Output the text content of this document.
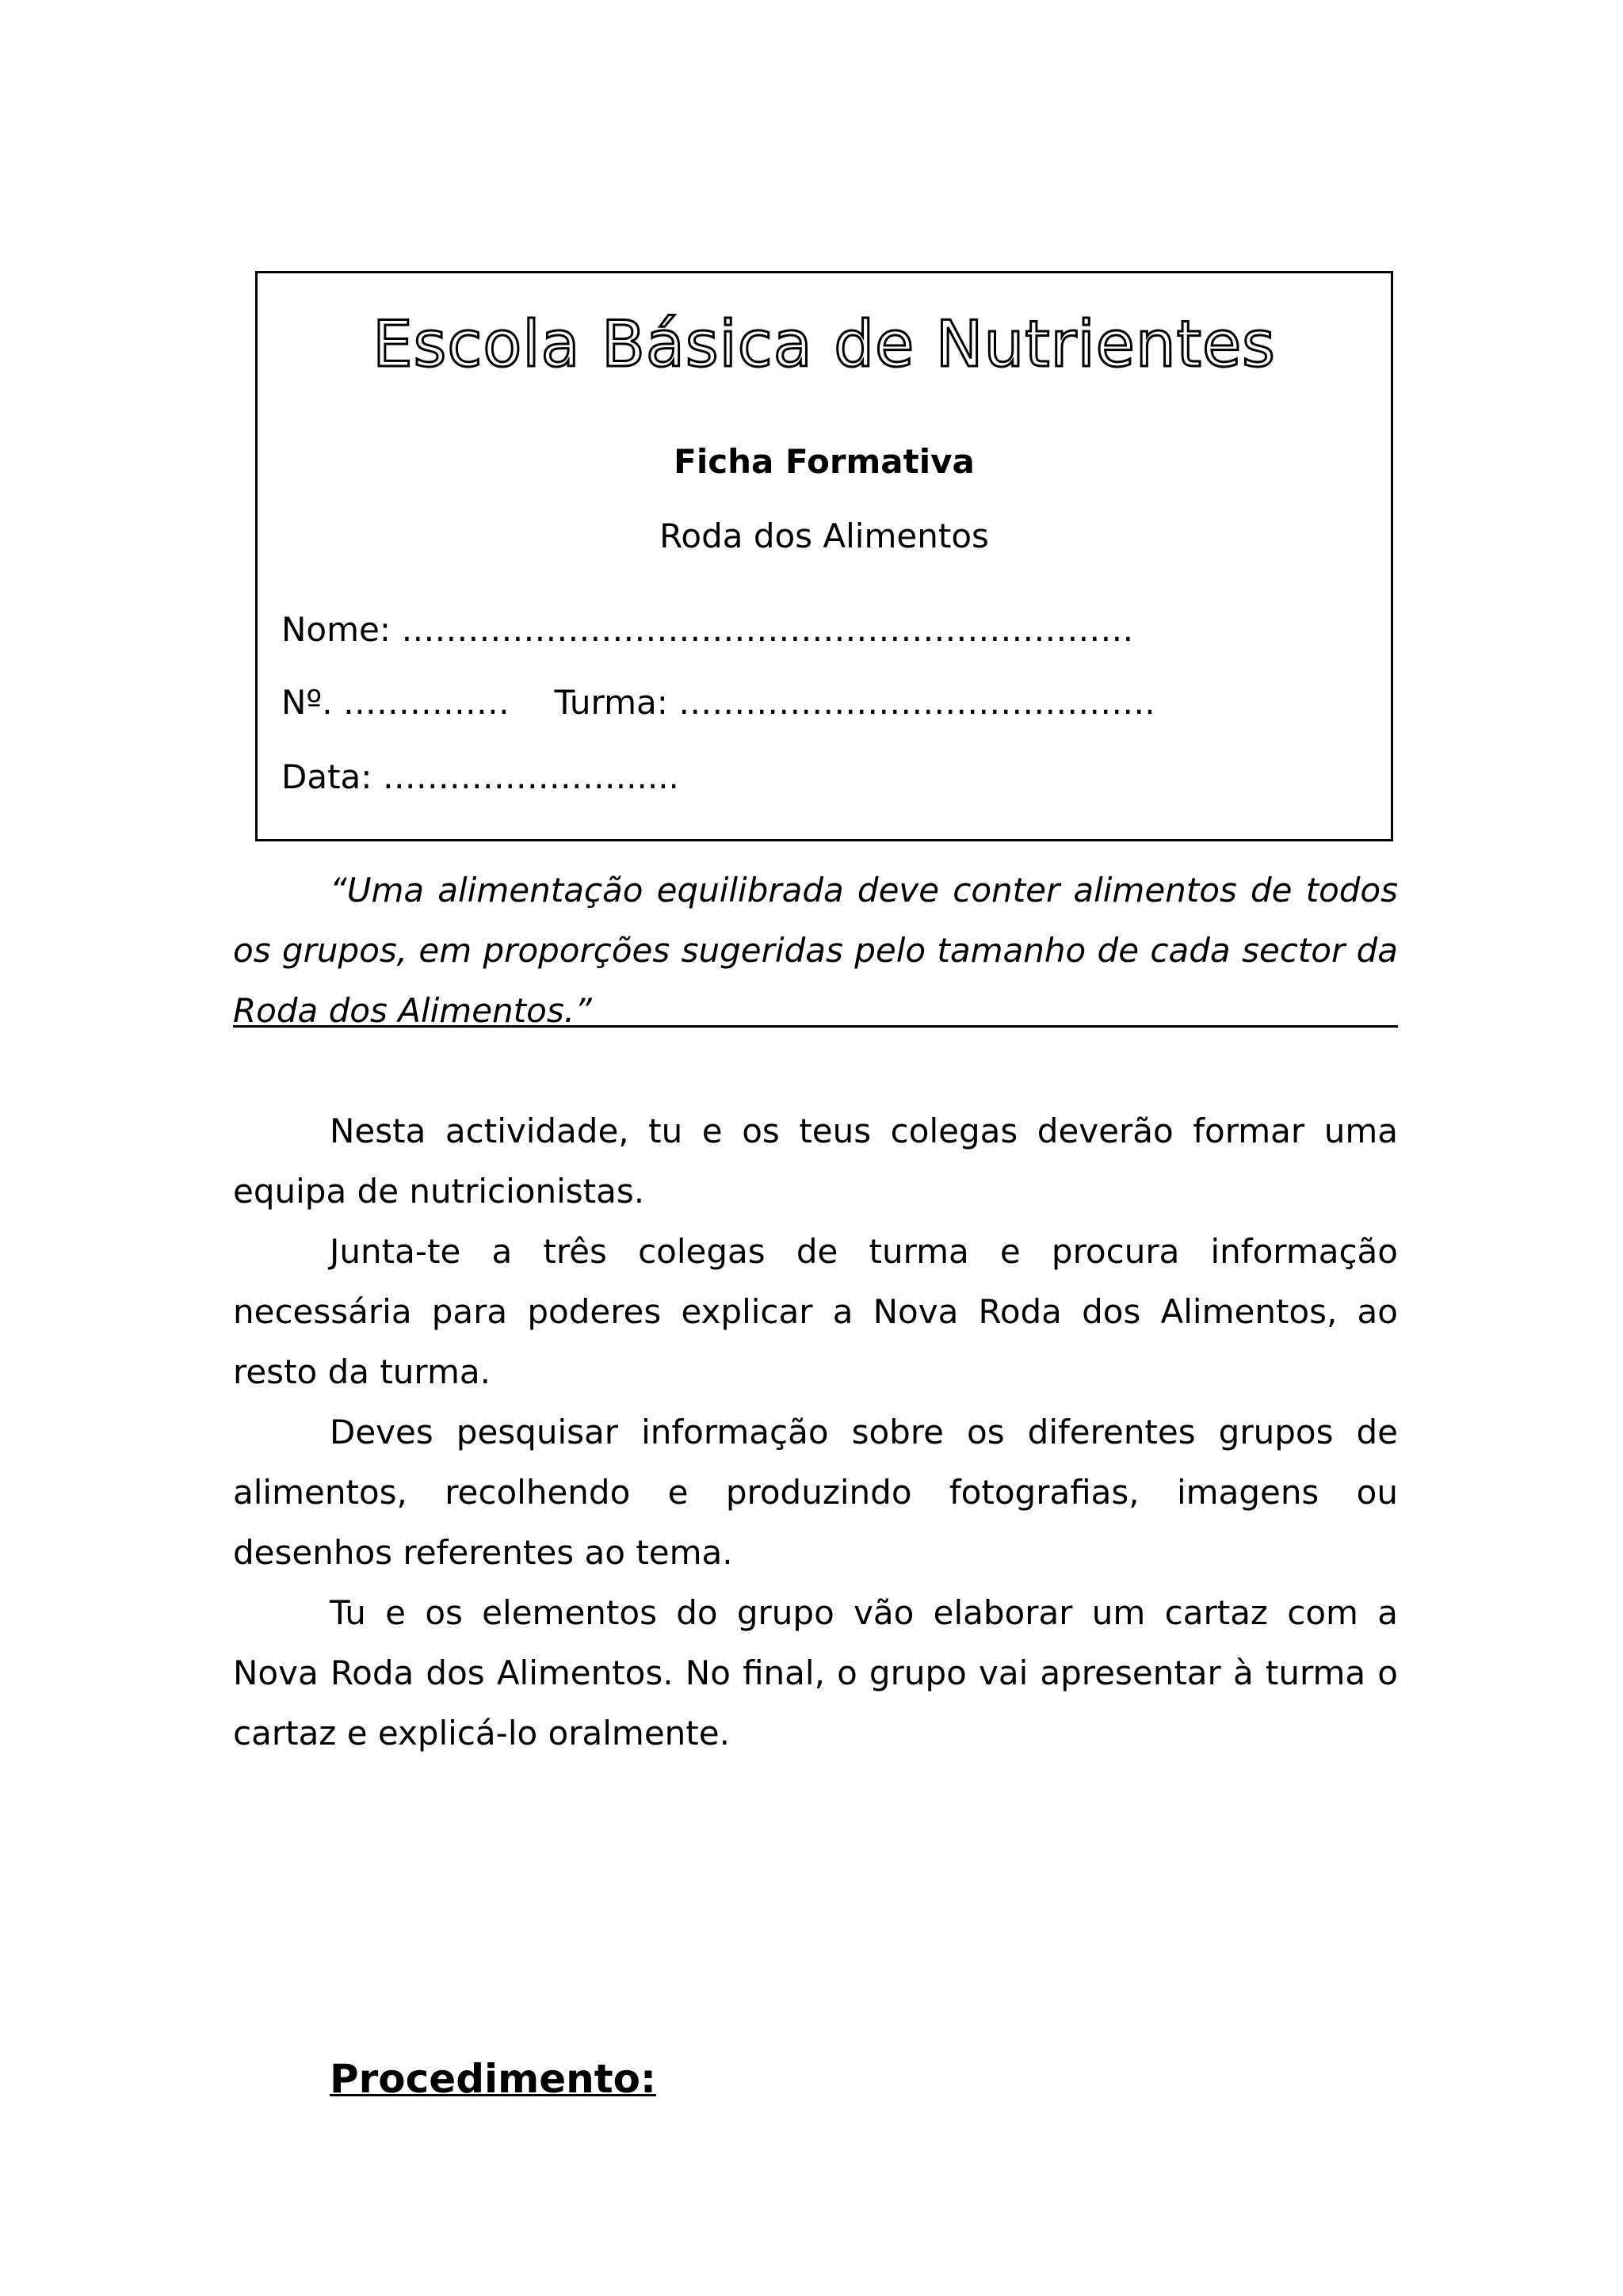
Escola Básica de Nutrientes
Ficha Formativa
Roda dos Alimentos
Nome: …………………………………………………………
Nº. …………… Turma: …………………………………….
Data: …………………......

“Uma alimentação equilibrada deve conter alimentos de todos os grupos, em proporções sugeridas pelo tamanho de cada sector da Roda dos Alimentos.”

Nesta actividade, tu e os teus colegas deverão formar uma equipa de nutricionistas.

Junta-te a três colegas de turma e procura informação necessária para poderes explicar a Nova Roda dos Alimentos, ao resto da turma.

Deves pesquisar informação sobre os diferentes grupos de alimentos, recolhendo e produzindo fotografias, imagens ou desenhos referentes ao tema.

Tu e os elementos do grupo vão elaborar um cartaz com a Nova Roda dos Alimentos. No final, o grupo vai apresentar à turma o cartaz e explicá-lo oralmente.

Procedimento:
